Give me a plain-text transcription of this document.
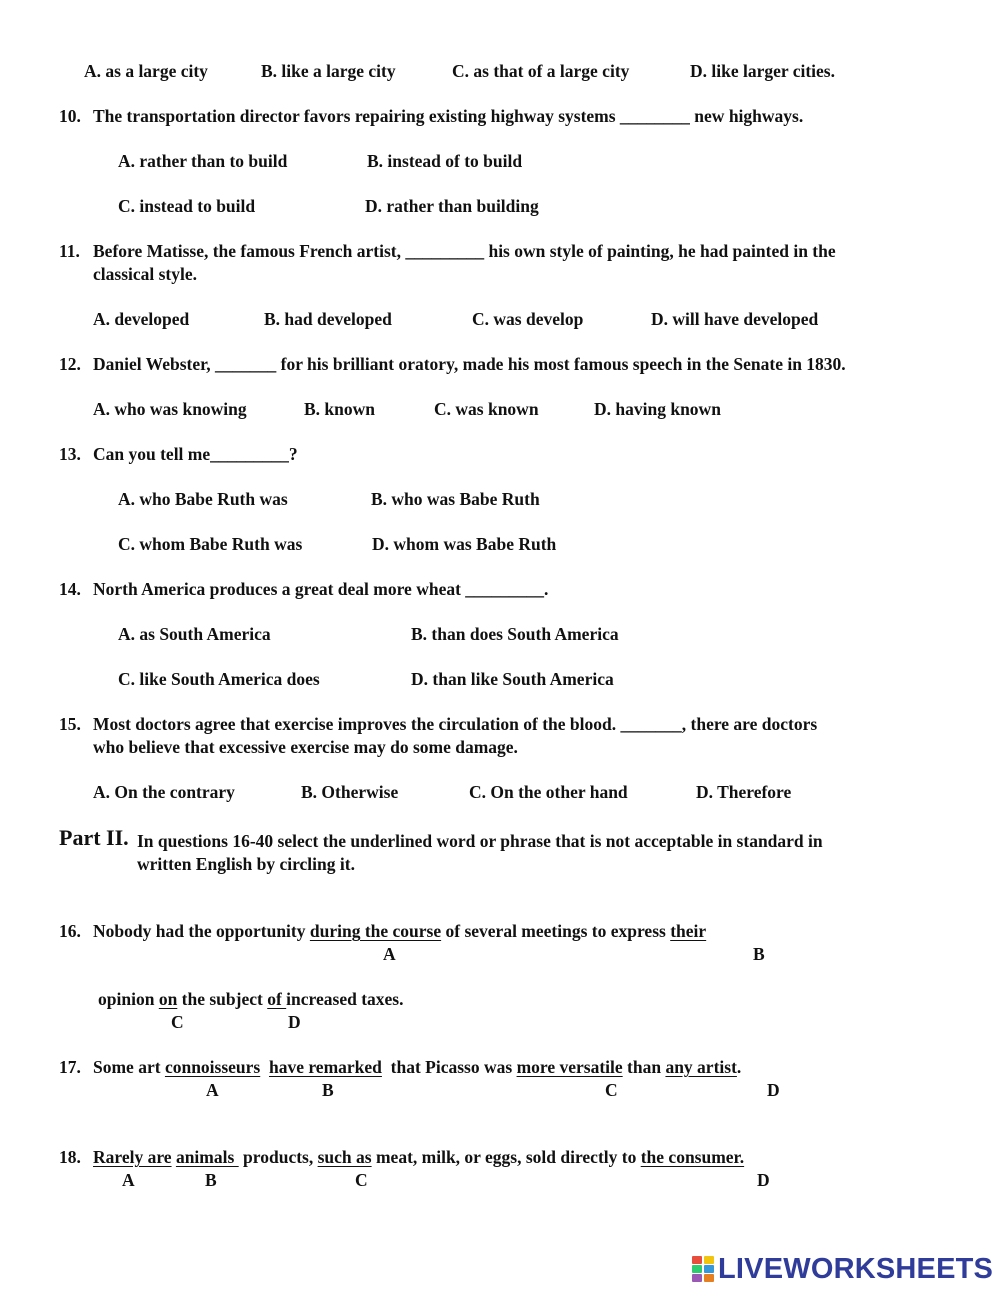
A. as a large city	B. like a large city	C. as that of a large city	D. like larger cities.
10. The transportation director favors repairing existing highway systems ________ new highways.
A. rather than to build	B. instead of to build
C. instead to build	D. rather than building
11. Before Matisse, the famous French artist, _________ his own style of painting, he had painted in the
classical style.
A. developed	B. had developed	C. was develop	D. will have developed
12. Daniel Webster, _______ for his brilliant oratory, made his most famous speech in the Senate in 1830.
A. who was knowing	B. known	C. was known	D. having known
13. Can you tell me_________?
A. who Babe Ruth was	B. who was Babe Ruth
C. whom Babe Ruth was	D. whom was Babe Ruth
14. North America produces a great deal more wheat _________.
A. as South America	B. than does South America
C. like South America does	D. than like South America
15. Most doctors agree that exercise improves the circulation of the blood. _______, there are doctors
who believe that excessive exercise may do some damage.
A. On the contrary	B. Otherwise	C. On the other hand	D. Therefore
Part II. In questions 16-40 select the underlined word or phrase that is not acceptable in standard in
written English by circling it.
16. Nobody had the opportunity during the course of several meetings to express their
A	B
opinion on the subject of increased taxes.
C	D
17. Some art connoisseurs have remarked  that Picasso was more versatile than any artist.
A	B	C	D
18. Rarely are animals  products, such as meat, milk, or eggs, sold directly to the consumer.
A	B	C	D
LIVEWORKSHEETS
